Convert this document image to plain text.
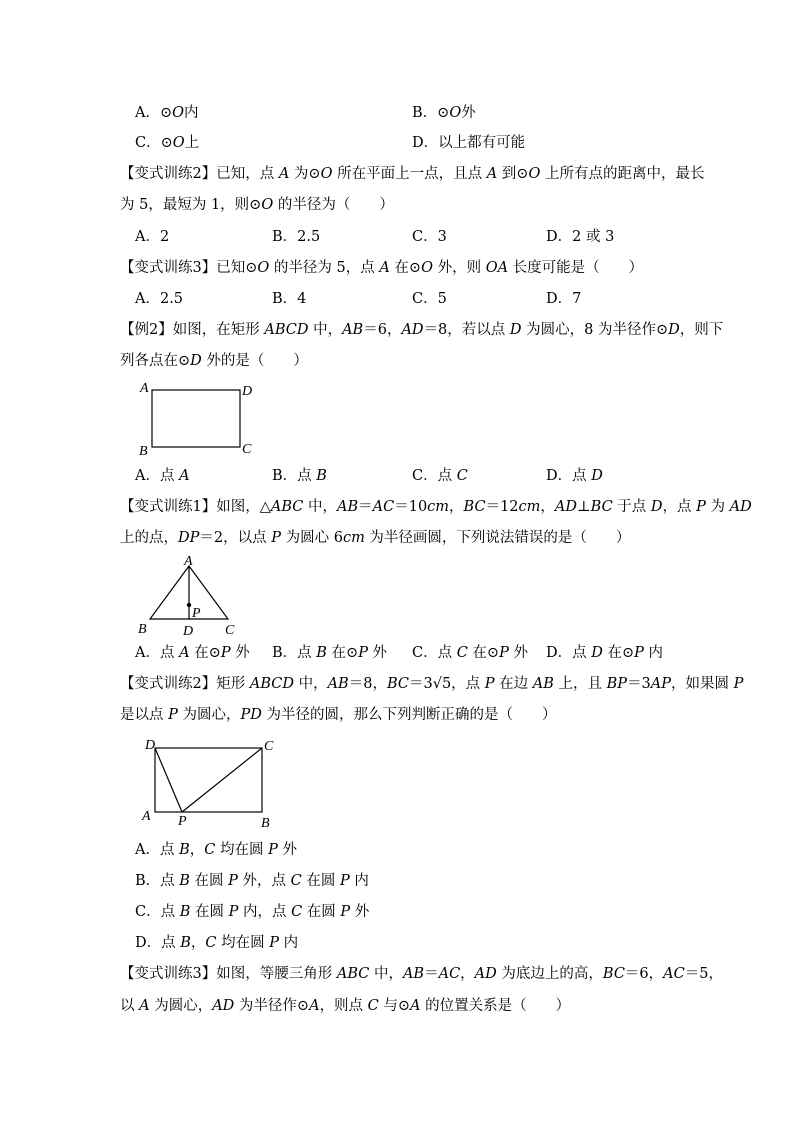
A．⊙O内	B．⊙O外
C．⊙O上	D．以上都有可能
【变式训练2】已知，点 A 为⊙O 所在平面上一点，且点 A 到⊙O 上所有点的距离中，最长
为 5，最短为 1，则⊙O 的半径为（　　）
A．2	B．2.5	C．3	D．2 或 3
【变式训练3】已知⊙O 的半径为 5，点 A 在⊙O 外，则 OA 长度可能是（　　）
A．2.5	B．4	C．5	D．7
【例2】如图，在矩形 ABCD 中，AB＝6，AD＝8，若以点 D 为圆心，8 为半径作⊙D，则下
列各点在⊙D 外的是（　　）
A	D
B	C
A．点 A	B．点 B	C．点 C	D．点 D
【变式训练1】如图，△ABC 中，AB＝AC＝10cm，BC＝12cm，AD⊥BC 于点 D，点 P 为 AD
上的点，DP＝2，以点 P 为圆心 6cm 为半径画圆，下列说法错误的是（　　）
A
P
B	D C
A．点 A 在⊙P 外 B．点 B 在⊙P 外 C．点 C 在⊙P 外 D．点 D 在⊙P 内
【变式训练2】矩形 ABCD 中，AB＝8，BC＝3√5，点 P 在边 AB 上，且 BP＝3AP，如果圆 P
是以点 P 为圆心，PD 为半径的圆，那么下列判断正确的是（　　）
D	C
A P	B
A．点 B，C 均在圆 P 外
B．点 B 在圆 P 外，点 C 在圆 P 内
C．点 B 在圆 P 内，点 C 在圆 P 外
D．点 B，C 均在圆 P 内
【变式训练3】如图，等腰三角形 ABC 中，AB＝AC，AD 为底边上的高，BC＝6，AC＝5，
以 A 为圆心，AD 为半径作⊙A，则点 C 与⊙A 的位置关系是（　　）
